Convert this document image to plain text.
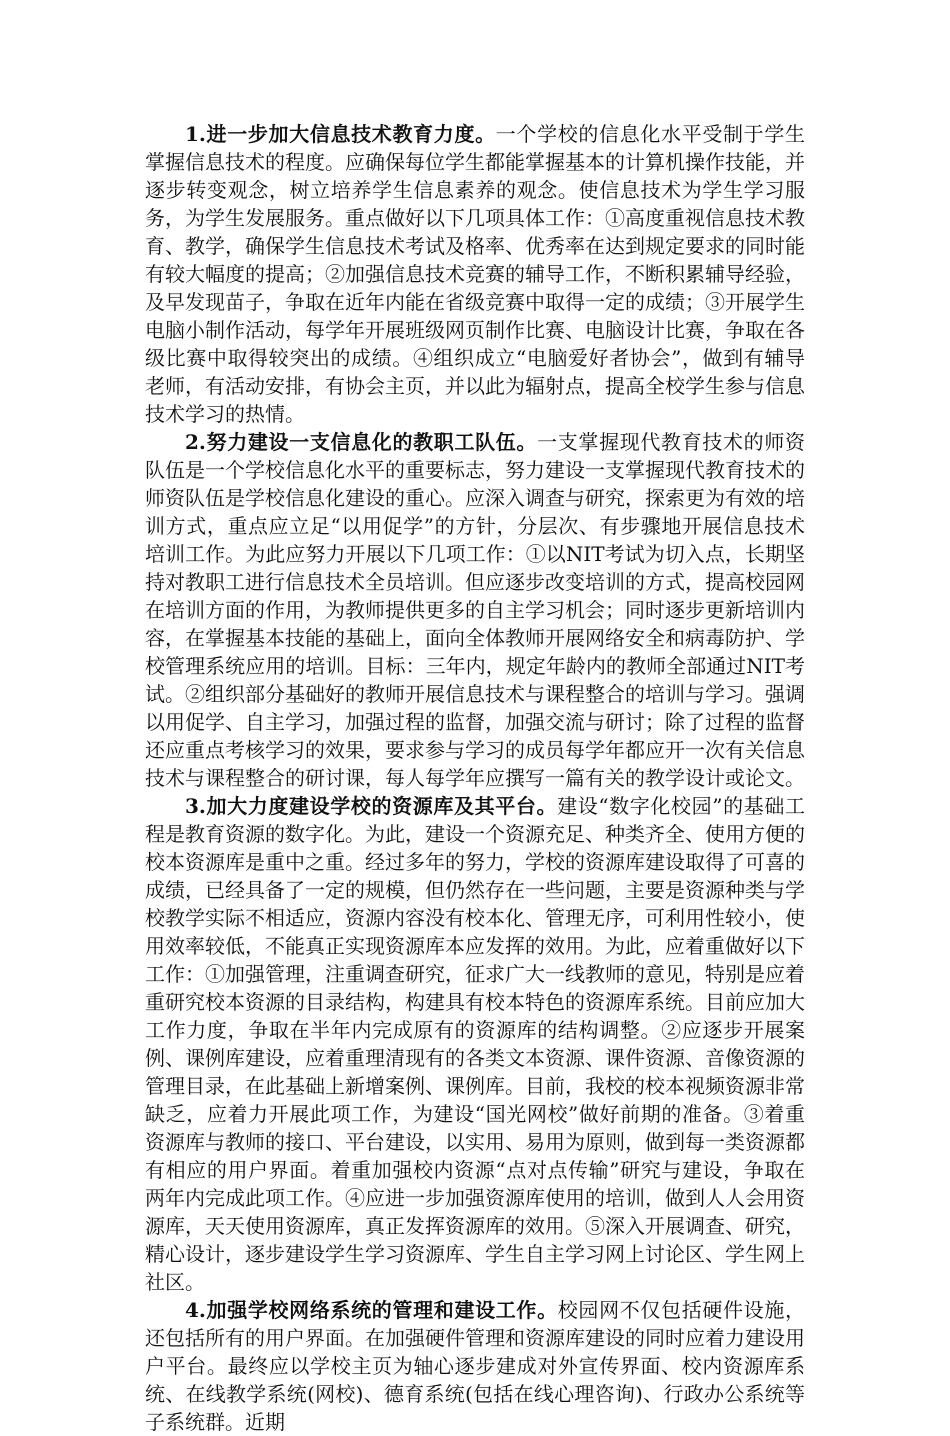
1.进一步加大信息技术教育力度。一个学校的信息化水平受制于学生掌握信息技术的程度。应确保每位学生都能掌握基本的计算机操作技能，并逐步转变观念，树立培养学生信息素养的观念。使信息技术为学生学习服务，为学生发展服务。重点做好以下几项具体工作：①高度重视信息技术教育、教学，确保学生信息技术考试及格率、优秀率在达到规定要求的同时能有较大幅度的提高；②加强信息技术竞赛的辅导工作，不断积累辅导经验，及早发现苗子，争取在近年内能在省级竞赛中取得一定的成绩；③开展学生电脑小制作活动，每学年开展班级网页制作比赛、电脑设计比赛，争取在各级比赛中取得较突出的成绩。④组织成立“电脑爱好者协会”，做到有辅导老师，有活动安排，有协会主页，并以此为辐射点，提高全校学生参与信息技术学习的热情。

2.努力建设一支信息化的教职工队伍。一支掌握现代教育技术的师资队伍是一个学校信息化水平的重要标志，努力建设一支掌握现代教育技术的师资队伍是学校信息化建设的重心。应深入调查与研究，探索更为有效的培训方式，重点应立足“以用促学”的方针，分层次、有步骤地开展信息技术培训工作。为此应努力开展以下几项工作：①以NIT考试为切入点，长期坚持对教职工进行信息技术全员培训。但应逐步改变培训的方式，提高校园网在培训方面的作用，为教师提供更多的自主学习机会；同时逐步更新培训内容，在掌握基本技能的基础上，面向全体教师开展网络安全和病毒防护、学校管理系统应用的培训。目标：三年内，规定年龄内的教师全部通过NIT考试。②组织部分基础好的教师开展信息技术与课程整合的培训与学习。强调以用促学、自主学习，加强过程的监督，加强交流与研讨；除了过程的监督还应重点考核学习的效果，要求参与学习的成员每学年都应开一次有关信息技术与课程整合的研讨课，每人每学年应撰写一篇有关的教学设计或论文。

3.加大力度建设学校的资源库及其平台。建设“数字化校园”的基础工程是教育资源的数字化。为此，建设一个资源充足、种类齐全、使用方便的校本资源库是重中之重。经过多年的努力，学校的资源库建设取得了可喜的成绩，已经具备了一定的规模，但仍然存在一些问题，主要是资源种类与学校教学实际不相适应，资源内容没有校本化、管理无序，可利用性较小，使用效率较低，不能真正实现资源库本应发挥的效用。为此，应着重做好以下工作：①加强管理，注重调查研究，征求广大一线教师的意见，特别是应着重研究校本资源的目录结构，构建具有校本特色的资源库系统。目前应加大工作力度，争取在半年内完成原有的资源库的结构调整。②应逐步开展案例、课例库建设，应着重理清现有的各类文本资源、课件资源、音像资源的管理目录，在此基础上新增案例、课例库。目前，我校的校本视频资源非常缺乏，应着力开展此项工作，为建设“国光网校”做好前期的准备。③着重资源库与教师的接口、平台建设，以实用、易用为原则，做到每一类资源都有相应的用户界面。着重加强校内资源“点对点传输”研究与建设，争取在两年内完成此项工作。④应进一步加强资源库使用的培训，做到人人会用资源库，天天使用资源库，真正发挥资源库的效用。⑤深入开展调查、研究，精心设计，逐步建设学生学习资源库、学生自主学习网上讨论区、学生网上社区。

4.加强学校网络系统的管理和建设工作。校园网不仅包括硬件设施，还包括所有的用户界面。在加强硬件管理和资源库建设的同时应着力建设用户平台。最终应以学校主页为轴心逐步建成对外宣传界面、校内资源库系统、在线教学系统(网校)、德育系统(包括在线心理咨询)、行政办公系统等子系统群。近期
